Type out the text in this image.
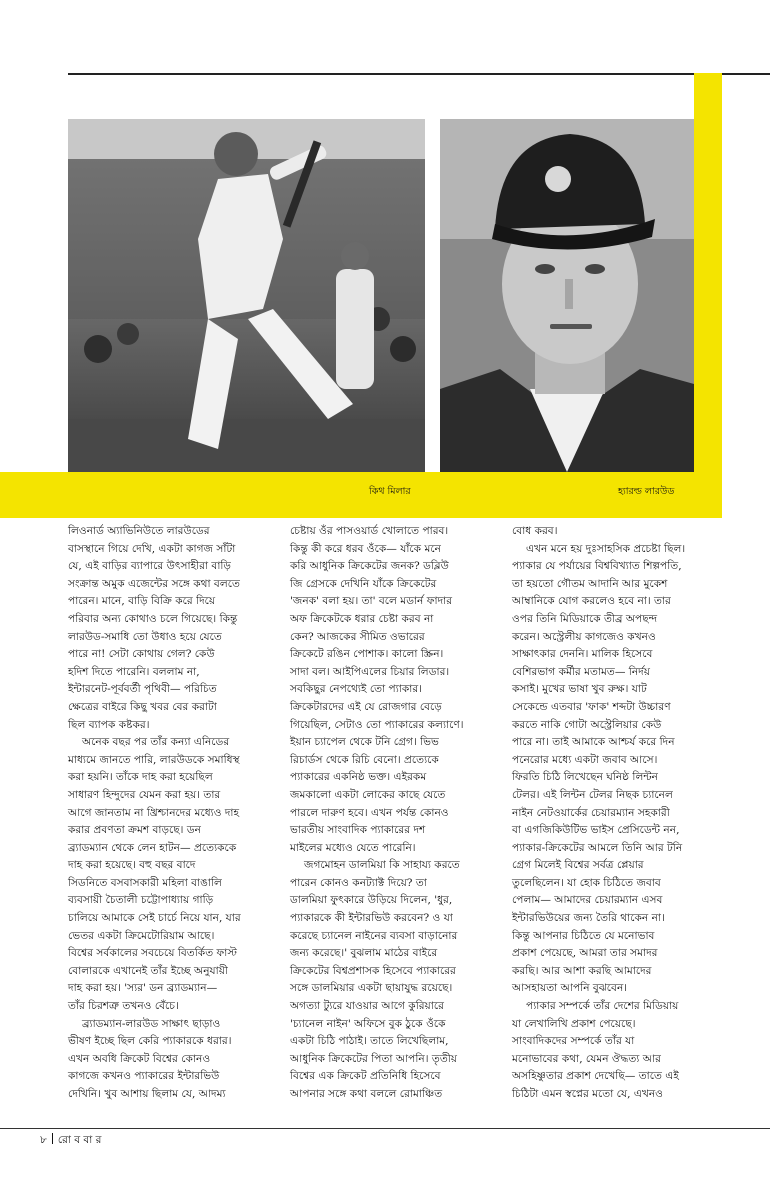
কিথ মিলার	হ্যারল্ড লারউড

লিওনার্ড অ্যাভিনিউতে লারউডের
বাসস্থানে গিয়ে দেখি, একটা কাগজ সাঁটা
যে, এই বাড়ির ব্যাপারে উৎসাহীরা বাড়ি
সংক্রান্ত অমুক এজেন্টের সঙ্গে কথা বলতে
পারেন। মানে, বাড়ি বিক্রি করে দিয়ে
পরিবার অন্য কোথাও চলে গিয়েছে। কিন্তু
লারউড-সমাধি তো উধাও হয়ে যেতে
পারে না! সেটা কোথায় গেল? কেউ
হদিশ দিতে পারেনি। বললাম না,
ইন্টারনেট-পূর্ববর্তী পৃথিবী— পরিচিত
ক্ষেত্রের বাইরে কিছু খবর বের করাটা
ছিল ব্যাপক কষ্টকর।

অনেক বছর পর তাঁর কন্যা এনিডের
মাধ্যমে জানতে পারি, লারউডকে সমাধিস্থ
করা হয়নি। তাঁকে দাহ করা হয়েছিল
সাধারণ হিন্দুদের যেমন করা হয়। তার
আগে জানতাম না খ্রিশ্চানদের মধ্যেও দাহ
করার প্রবণতা ক্রমশ বাড়ছে। ডন
ব্র্যাডম্যান থেকে লেন হাটন— প্রত্যেককে
দাহ করা হয়েছে। বহু বছর বাদে
সিডনিতে বসবাসকারী মহিলা বাঙালি
ব্যবসায়ী চৈতালী চট্টোপাধ্যায় গাড়ি
চালিয়ে আমাকে সেই চার্চে নিয়ে যান, যার
ভেতর একটা ক্রিমেটোরিয়াম আছে।
বিশ্বের সর্বকালের সবচেয়ে বিতর্কিত ফাস্ট
বোলারকে এখানেই তাঁর ইচ্ছে অনুযায়ী
দাহ করা হয়। 'স্যর' ডন ব্র্যাডম্যান—
তাঁর চিরশত্রু তখনও বেঁচে।

ব্র্যাডম্যান-লারউড সাক্ষাৎ ছাড়াও
ভীষণ ইচ্ছে ছিল কেরি প্যাকারকে ধরার।
এখন অবধি ক্রিকেট বিশ্বের কোনও
কাগজে কখনও প্যাকারের ইন্টারভিউ
দেখিনি। খুব আশায় ছিলাম যে, আদম্য

চেষ্টায় ওঁর পাসওয়ার্ড খোলাতে পারব।
কিন্তু কী করে ধরব ওঁকে— যাঁকে মনে
করি আধুনিক ক্রিকেটের জনক? ডব্লিউ
জি গ্রেসকে দেখিনি যাঁকে ক্রিকেটের
'জনক' বলা হয়। তা' বলে মডার্ন ফাদার
অফ ক্রিকেটকে ধরার চেষ্টা করব না
কেন? আজকের সীমিত ওভারের
ক্রিকেটে রঙিন পোশাক। কালো স্ক্রিন।
সাদা বল। আইপিএলের চিয়ার লিডার।
সবকিছুর নেপথ্যেই তো প্যাকার।
ক্রিকেটারদের এই যে রোজগার বেড়ে
গিয়েছিল, সেটাও তো প্যাকারের কল্যাণে।
ইয়ান চ্যাপেল থেকে টনি গ্রেগ। ভিভ
রিচার্ডস থেকে রিচি বেনো। প্রত্যেকে
প্যাকারের একনিষ্ঠ ভক্ত। এইরকম
জমকালো একটা লোকের কাছে যেতে
পারলে দারুণ হবে। এখন পর্যন্ত কোনও
ভারতীয় সাংবাদিক প্যাকারের দশ
মাইলের মধ্যেও যেতে পারেনি।

জগমোহন ডালমিয়া কি সাহায্য করতে
পারেন কোনও কনট্যাক্ট দিয়ে? তা
ডালমিয়া ফুৎকারে উড়িয়ে দিলেন, 'ধুর,
প্যাকারকে কী ইন্টারভিউ করবেন? ও যা
করেছে চ্যানেল নাইনের ব্যবসা বাড়ানোর
জন্য করেছে।' বুঝলাম মাঠের বাইরে
ক্রিকেটের বিশ্বপ্রশাসক হিসেবে প্যাকারের
সঙ্গে ডালমিয়ার একটা ছায়াযুদ্ধ রয়েছে।
অগত্যা ট্যুরে যাওয়ার আগে কুরিয়ারে
'চ্যানেল নাইন' অফিসে বুক ঠুকে ওঁকে
একটা চিঠি পাঠাই। তাতে লিখেছিলাম,
আধুনিক ক্রিকেটের পিতা আপনি। তৃতীয়
বিশ্বের এক ক্রিকেট প্রতিনিধি হিসেবে
আপনার সঙ্গে কথা বললে রোমাঞ্চিত

বোধ করব।

এখন মনে হয় দুঃসাহসিক প্রচেষ্টা ছিল।
প্যাকার যে পর্যায়ের বিশ্ববিখ্যাত শিল্পপতি,
তা হয়তো গৌতম আদানি আর মুকেশ
আম্বানিকে যোগ করলেও হবে না। তার
ওপর তিনি মিডিয়াকে তীব্র অপছন্দ
করেন। অস্ট্রেলীয় কাগজেও কখনও
সাক্ষাৎকার দেননি। মালিক হিসেবে
বেশিরভাগ কর্মীর মতামত— নির্দয়
কসাই। মুখের ভাষা খুব রুক্ষ। যাট
সেকেন্ডে এতবার 'ফাক' শব্দটা উচ্চারণ
করতে নাকি গোটা অস্ট্রেলিয়ার কেউ
পারে না। তাই আমাকে আশ্চর্য করে দিন
পনেরোর মধ্যে একটা জবাব আসে।
ফিরতি চিঠি লিখেছেন ঘনিষ্ঠ লিন্টন
টেলর। এই লিন্টন টেলর নিছক চ্যানেল
নাইন নেটওয়ার্কের চেয়ারম্যান সহকারী
বা এগজিকিউটিভ ভাইস প্রেসিডেন্ট নন,
প্যাকার-ক্রিকেটের আমলে তিনি আর টনি
গ্রেগ মিলেই বিশ্বের সর্বত্র প্লেয়ার
তুলেছিলেন। যা হোক চিঠিতে জবাব
পেলাম— আমাদের চেয়ারম্যান এসব
ইন্টারভিউয়ের জন্য তৈরি থাকেন না।
কিন্তু আপনার চিঠিতে যে মনোভাব
প্রকাশ পেয়েছে, আমরা তার সমাদর
করছি। আর আশা করছি আমাদের
আসহায়তা আপনি বুঝবেন।

প্যাকার সম্পর্কে তাঁর দেশের মিডিয়ায়
যা লেখালিখি প্রকাশ পেয়েছে।
সাংবাদিকদের সম্পর্কে তাঁর যা
মনোভাবের কথা, যেমন ঔদ্ধত্য আর
অসহিষ্ণুতার প্রকাশ দেখেছি— তাতে এই
চিঠিটা এমন স্বপ্নের মতো যে, এখনও

৮ রো ব বা র
